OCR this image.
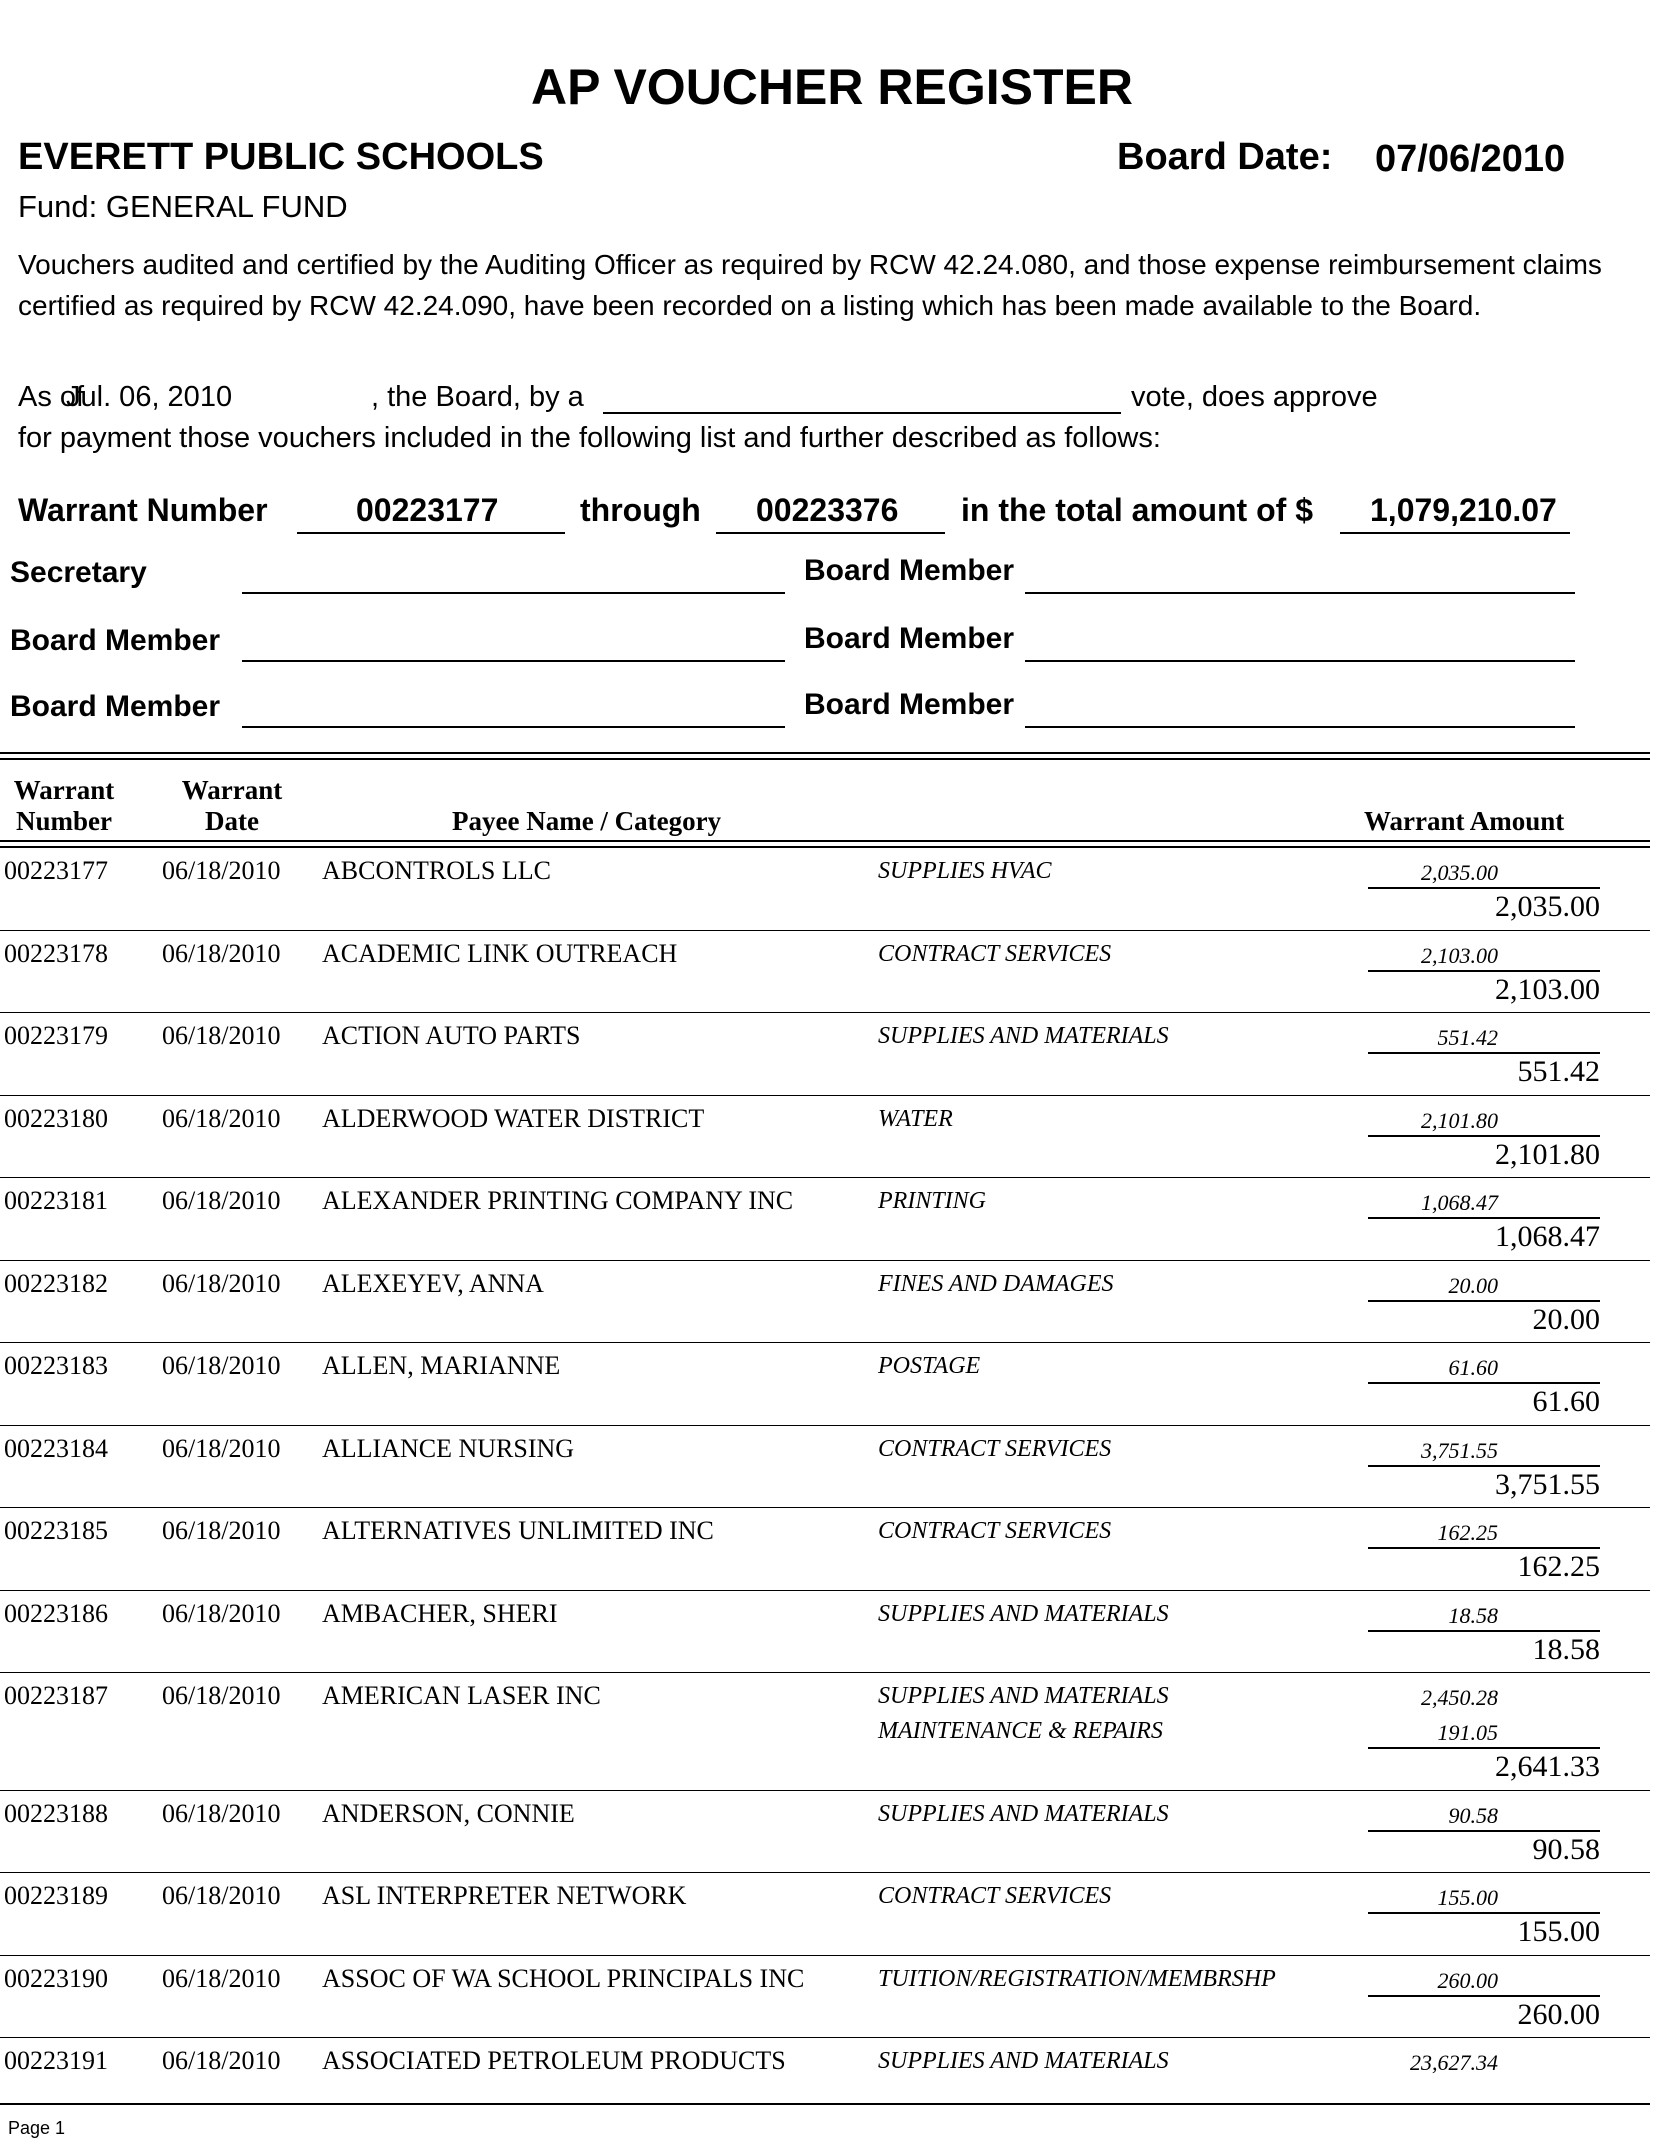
AP VOUCHER REGISTER
EVERETT PUBLIC SCHOOLS	Board Date: 07/06/2010
Fund: GENERAL FUND
Vouchers audited and certified by the Auditing Officer as required by RCW 42.24.080, and those expense reimbursement claims certified as required by RCW 42.24.090, have been recorded on a listing which has been made available to the Board.
As of
Jul. 06, 2010	, the Board, by a	vote, does approve
for payment those vouchers included in the following list and further described as follows:
Warrant Number	00223177	through 00223376 in the total amount of $ 1,079,210.07
Secretary	Board Member
Board Member	Board Member
Board Member	Board Member
Warrant
Number
Warrant
Date	Payee Name / Category	Warrant Amount
00223177 06/18/2010 ABCONTROLS LLC	SUPPLIES HVAC	2,035.00
2,035.00
00223178 06/18/2010 ACADEMIC LINK OUTREACH	CONTRACT SERVICES	2,103.00
2,103.00
00223179 06/18/2010 ACTION AUTO PARTS	SUPPLIES AND MATERIALS	551.42
551.42
00223180 06/18/2010 ALDERWOOD WATER DISTRICT	WATER	2,101.80
2,101.80
00223181 06/18/2010 ALEXANDER PRINTING COMPANY INC	PRINTING	1,068.47
1,068.47
00223182 06/18/2010 ALEXEYEV, ANNA	FINES AND DAMAGES	20.00
20.00
00223183 06/18/2010 ALLEN, MARIANNE	POSTAGE	61.60
61.60
00223184 06/18/2010 ALLIANCE NURSING	CONTRACT SERVICES	3,751.55
3,751.55
00223185 06/18/2010 ALTERNATIVES UNLIMITED INC	CONTRACT SERVICES	162.25
162.25
00223186 06/18/2010 AMBACHER, SHERI	SUPPLIES AND MATERIALS	18.58
18.58
00223187 06/18/2010 AMERICAN LASER INC	SUPPLIES AND MATERIALS	2,450.28
MAINTENANCE & REPAIRS	191.05
2,641.33
00223188 06/18/2010 ANDERSON, CONNIE	SUPPLIES AND MATERIALS	90.58
90.58
00223189 06/18/2010 ASL INTERPRETER NETWORK	CONTRACT SERVICES	155.00
155.00
00223190 06/18/2010 ASSOC OF WA SCHOOL PRINCIPALS INC	TUITION/REGISTRATION/MEMBRSHP	260.00
260.00
00223191 06/18/2010 ASSOCIATED PETROLEUM PRODUCTS	SUPPLIES AND MATERIALS	23,627.34
Page 1
